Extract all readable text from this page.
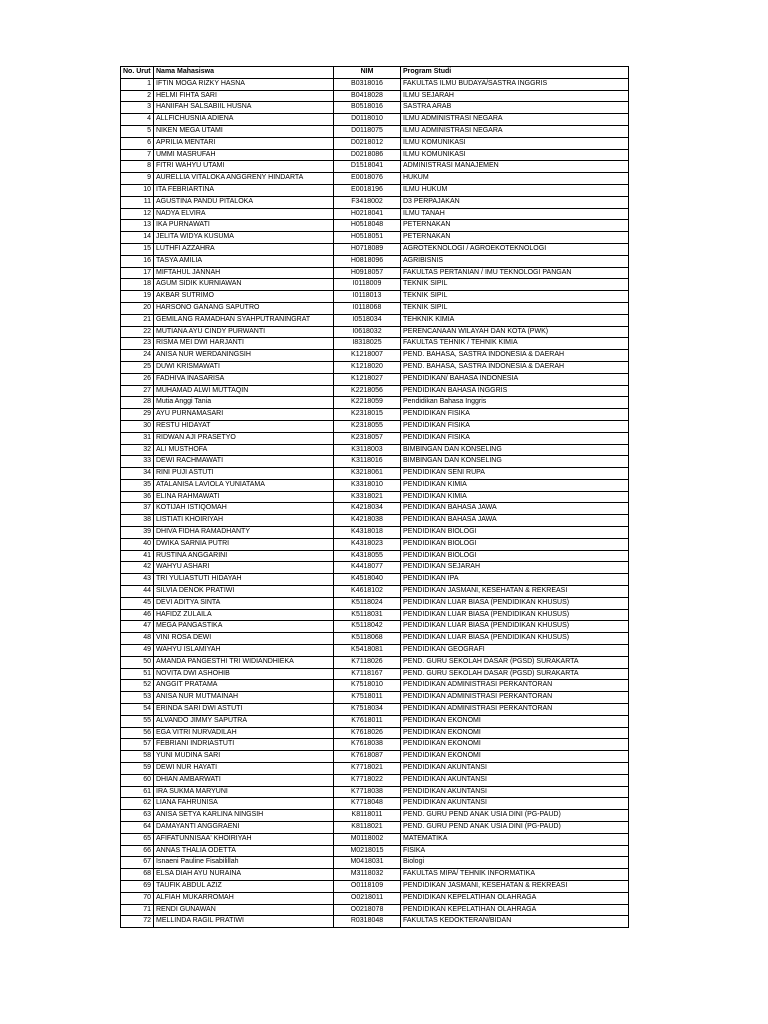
No. Urut	Nama Mahasiswa	NIM	Program Studi
1	IFTIN MOGA RIZKY HASNA	B0318016	FAKULTAS ILMU BUDAYA/SASTRA INGGRIS
2	HELMI FIHTA SARI	B0418028	ILMU SEJARAH
3	HANIIFAH SALSABIIL HUSNA	B0518016	SASTRA ARAB
4	ALLFICHUSNIA ADIENA	D0118010	ILMU ADMINISTRASI NEGARA
5	NIKEN MEGA UTAMI	D0118075	ILMU ADMINISTRASI NEGARA
6	APRILIA MENTARI	D0218012	ILMU KOMUNIKASI
7	UMMI MASRUFAH	D0218086	ILMU KOMUNIKASI
8	FITRI WAHYU UTAMI	D1518041	ADMINISTRASI MANAJEMEN
9	AURELLIA VITALOKA ANGGRENY HINDARTA	E0018076	HUKUM
10	ITA FEBRIARTINA	E0018196	ILMU HUKUM
11	AGUSTINA PANDU PITALOKA	F3418002	D3 PERPAJAKAN
12	NADYA ELVIRA	H0218041	ILMU TANAH
13	IKA PURNAWATI	H0518048	PETERNAKAN
14	JELITA WIDYA KUSUMA	H0518051	PETERNAKAN
15	LUTHFI AZZAHRA	H0718089	AGROTEKNOLOGI / AGROEKOTEKNOLOGI
16	TASYA AMILIA	H0818096	AGRIBISNIS
17	MIFTAHUL JANNAH	H0918057	FAKULTAS PERTANIAN / IMU TEKNOLOGI PANGAN
18	AGUM SIDIK KURNIAWAN	I0118009	TEKNIK SIPIL
19	AKBAR SUTRIMO	I0118013	TEKNIK SIPIL
20	HARSONO GANANG SAPUTRO	I0118068	TEKNIK SIPIL
21	GEMILANG RAMADHAN SYAHPUTRANINGRAT	I0518034	TEHKNIK KIMIA
22	MUTIANA AYU CINDY PURWANTI	I0618032	PERENCANAAN WILAYAH DAN KOTA (PWK)
23	RISMA MEI DWI HARJANTI	I8318025	FAKULTAS TEHNIK / TEHNIK KIMIA
24	ANISA NUR WERDANINGSIH	K1218007	PEND. BAHASA, SASTRA INDONESIA & DAERAH
25	DUWI KRISMAWATI	K1218020	PEND. BAHASA, SASTRA INDONESIA & DAERAH
26	FADHIVA INASARISA	K1218027	PENDIDIKAN/ BAHASA INDONESIA
27	MUHAMAD ALWI MUTTAQIN	K2218056	PENDIDIKAN BAHASA INGGRIS
28	Mutia Anggi Tania	K2218059	Pendidikan Bahasa Inggris
29	AYU PURNAMASARI	K2318015	PENDIDIKAN FISIKA
30	RESTU HIDAYAT	K2318055	PENDIDIKAN FISIKA
31	RIDWAN AJI PRASETYO	K2318057	PENDIDIKAN FISIKA
32	ALI MUSTHOFA	K3118003	BIMBINGAN DAN KONSELING
33	DEWI RACHMAWATI	K3118016	BIMBINGAN DAN KONSELING
34	RINI PUJI ASTUTI	K3218061	PENDIDIKAN SENI RUPA
35	ATALANISA LAVIOLA YUNIATAMA	K3318010	PENDIDIKAN KIMIA
36	ELINA RAHMAWATI	K3318021	PENDIDIKAN KIMIA
37	KOTIJAH ISTIQOMAH	K4218034	PENDIDIKAN BAHASA JAWA
38	LISTIATI KHOIRIYAH	K4218038	PENDIDIKAN BAHASA JAWA
39	DHIVA FIDHA RAMADHANTY	K4318018	PENDIDIKAN BIOLOGI
40	DWIKA SARNIA PUTRI	K4318023	PENDIDIKAN BIOLOGI
41	RUSTINA ANGGARINI	K4318055	PENDIDIKAN BIOLOGI
42	WAHYU ASHARI	K4418077	PENDIDIKAN SEJARAH
43	TRI YULIASTUTI HIDAYAH	K4518040	PENDIDIKAN IPA
44	SILVIA DENOK PRATIWI	K4618102	PENDIDIKAN JASMANI, KESEHATAN & REKREASI
45	DEVI ADITYA SINTA	K5118024	PENDIDIKAN LUAR BIASA (PENDIDIKAN KHUSUS)
46	HAFIDZ ZULAILA	K5118031	PENDIDIKAN LUAR BIASA (PENDIDIKAN KHUSUS)
47	MEGA PANGASTIKA	K5118042	PENDIDIKAN LUAR BIASA (PENDIDIKAN KHUSUS)
48	VINI ROSA DEWI	K5118068	PENDIDIKAN LUAR BIASA (PENDIDIKAN KHUSUS)
49	WAHYU ISLAMIYAH	K5418081	PENDIDIKAN GEOGRAFI
50	AMANDA PANGESTHI TRI WIDIANDHIEKA	K7118026	PEND. GURU SEKOLAH DASAR (PGSD) SURAKARTA
51	NOVITA DWI ASHOHIB	K7118167	PEND. GURU SEKOLAH DASAR (PGSD) SURAKARTA
52	ANGGIT PRATAMA	K7518010	PENDIDIKAN ADMINISTRASI PERKANTORAN
53	ANISA NUR MUTMAINAH	K7518011	PENDIDIKAN ADMINISTRASI PERKANTORAN
54	ERINDA SARI DWI ASTUTI	K7518034	PENDIDIKAN ADMINISTRASI PERKANTORAN
55	ALVANDO JIMMY SAPUTRA	K7618011	PENDIDIKAN EKONOMI
56	EGA VITRI NURVADILAH	K7618026	PENDIDIKAN EKONOMI
57	FEBRIANI INDRIASTUTI	K7618038	PENDIDIKAN EKONOMI
58	YUNI MUDINA SARI	K7618087	PENDIDIKAN EKONOMI
59	DEWI NUR HAYATI	K7718021	PENDIDIKAN AKUNTANSI
60	DHIAN AMBARWATI	K7718022	PENDIDIKAN AKUNTANSI
61	IRA SUKMA MARYUNI	K7718038	PENDIDIKAN AKUNTANSI
62	LIANA FAHRUNISA	K7718048	PENDIDIKAN AKUNTANSI
63	ANISA SETYA KARLINA NINGSIH	K8118011	PEND. GURU PEND ANAK USIA DINI (PG-PAUD)
64	DAMAYANTI ANGGRAENI	K8118021	PEND. GURU PEND ANAK USIA DINI (PG-PAUD)
65	AFIFATUNNISAA' KHOIRIYAH	M0118002	MATEMATIKA
66	ANNAS THALIA ODETTA	M0218015	FISIKA
67	Isnaeni Pauline Fisabilillah	M0418031	Biologi
68	ELSA DIAH AYU NURAINA	M3118032	FAKULTAS MIPA/ TEHNIK INFORMATIKA
69	TAUFIK ABDUL AZIZ	O0118109	PENDIDIKAN JASMANI, KESEHATAN & REKREASI
70	ALFIAH MUKARROMAH	O0218011	PENDIDIKAN KEPELATIHAN OLAHRAGA
71	RENDI GUNAWAN	O0218078	PENDIDIKAN KEPELATIHAN OLAHRAGA
72	MELLINDA RAGIL PRATIWI	R0318048	FAKULTAS KEDOKTERAN/BIDAN
